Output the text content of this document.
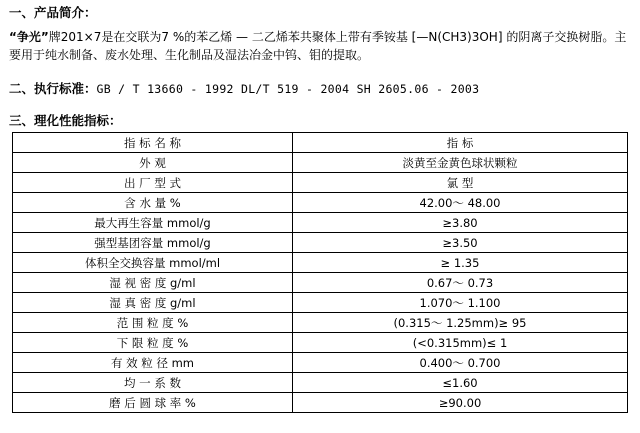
一、产品简介：
“争光”牌201×7是在交联为7 %的苯乙烯 — 二乙烯苯共聚体上带有季铵基 [—N(CH3)3OH] 的阴离子交换树脂。主要用于纯水制备、废水处理、生化制品及湿法冶金中钨、钼的提取。
二、执行标准：GB / T 13660 - 1992 DL/T 519 - 2004 SH 2605.06 - 2003
三、理化性能指标：
指 标 名 称	指 标
外 观	淡黄至金黄色球状颗粒
出 厂 型 式	氯 型
含 水 量 %	42.00～ 48.00
最大再生容量 mmol/g	≥3.80
强型基团容量 mmol/g	≥3.50
体积全交换容量 mmol/ml	≥ 1.35
湿 视 密 度 g/ml	0.67～ 0.73
湿 真 密 度 g/ml	1.070～ 1.100
范 围 粒 度 %	(0.315～ 1.25mm)≥ 95
下 限 粒 度 %	(<0.315mm)≤ 1
有 效 粒 径 mm	0.400～ 0.700
均 一 系 数	≤1.60
磨 后 圆 球 率 %	≥90.00
